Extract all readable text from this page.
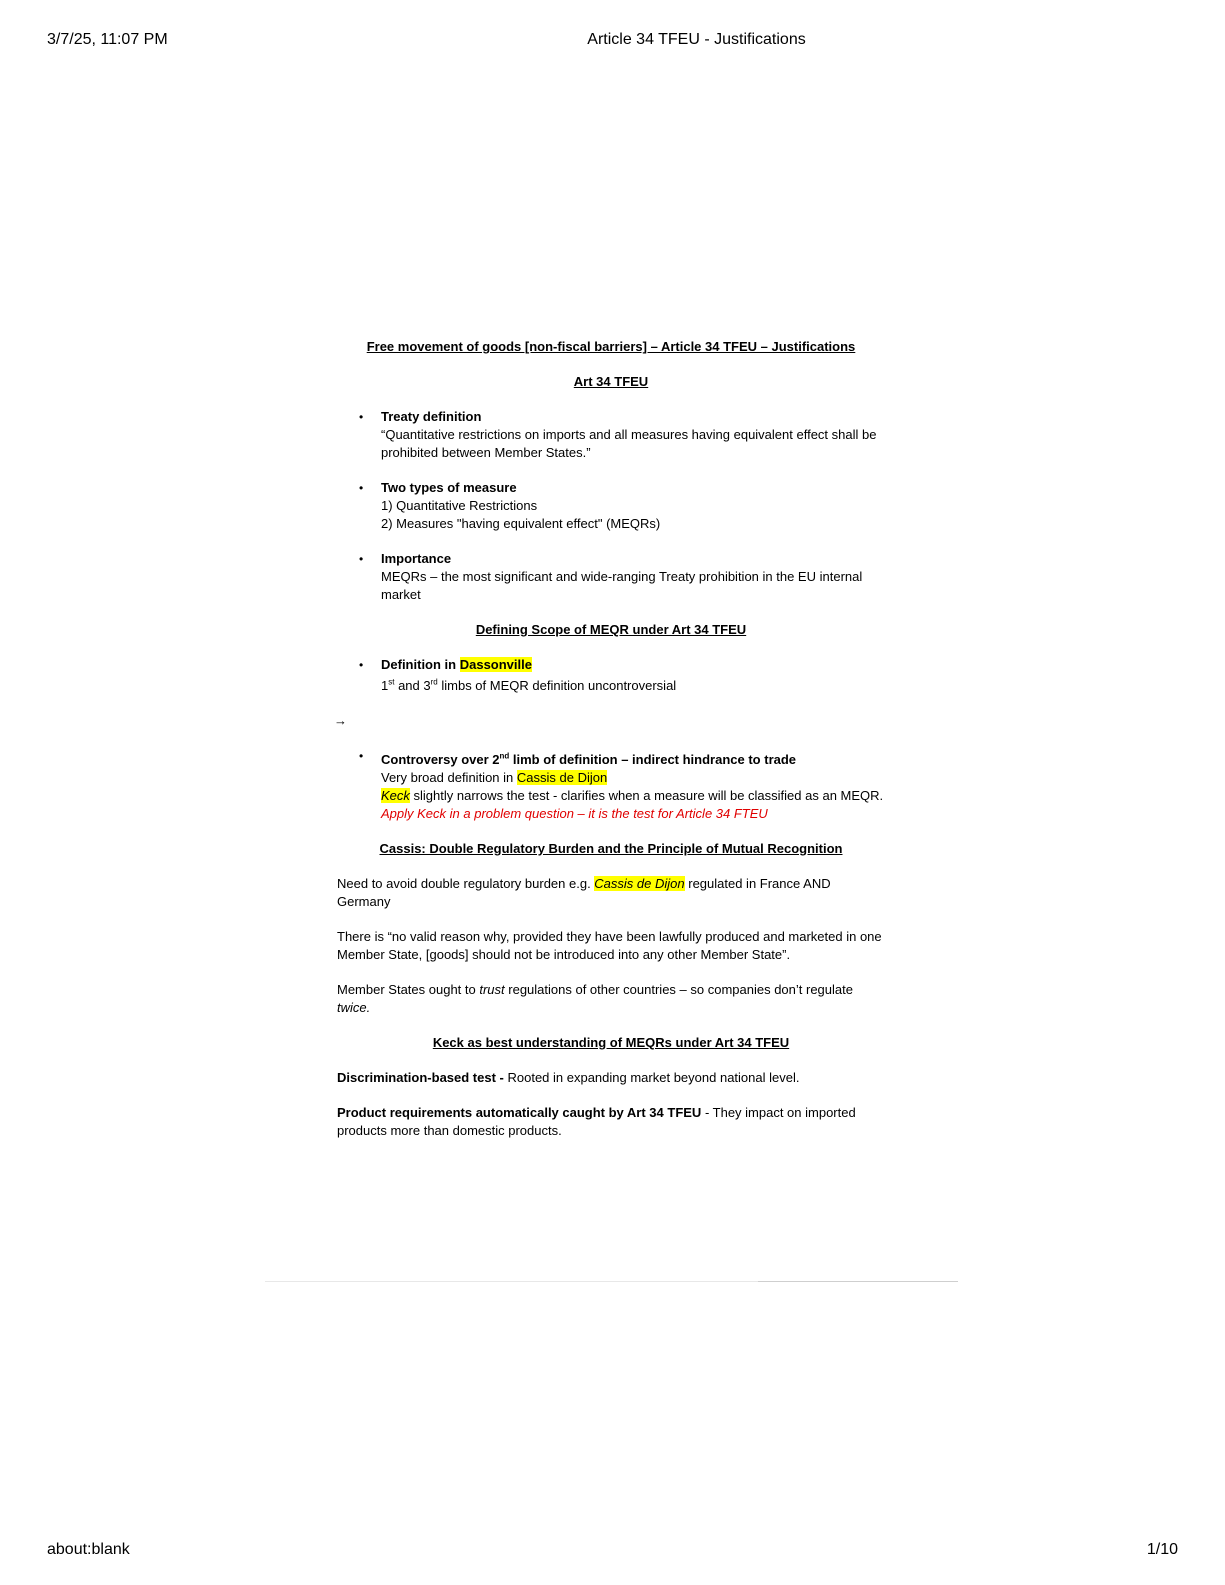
3/7/25, 11:07 PM	Article 34 TFEU - Justifications
Free movement of goods [non-fiscal barriers] – Article 34 TFEU – Justifications
Art 34 TFEU
• Treaty definition
“Quantitative restrictions on imports and all measures having equivalent effect shall be prohibited between Member States.”
• Two types of measure
1) Quantitative Restrictions
2) Measures "having equivalent effect" (MEQRs)
• Importance
MEQRs – the most significant and wide-ranging Treaty prohibition in the EU internal market
Defining Scope of MEQR under Art 34 TFEU
• Definition in Dassonville
1st and 3rd limbs of MEQR definition uncontroversial
→
• Controversy over 2nd limb of definition – indirect hindrance to trade
Very broad definition in Cassis de Dijon
Keck slightly narrows the test - clarifies when a measure will be classified as an MEQR.
Apply Keck in a problem question – it is the test for Article 34 FTEU
Cassis: Double Regulatory Burden and the Principle of Mutual Recognition

Need to avoid double regulatory burden e.g. Cassis de Dijon regulated in France AND Germany

There is “no valid reason why, provided they have been lawfully produced and marketed in one Member State, [goods] should not be introduced into any other Member State”.

Member States ought to trust regulations of other countries – so companies don’t regulate twice.

Keck as best understanding of MEQRs under Art 34 TFEU

Discrimination-based test - Rooted in expanding market beyond national level.

Product requirements automatically caught by Art 34 TFEU - They impact on imported products more than domestic products.

about:blank	1/10
